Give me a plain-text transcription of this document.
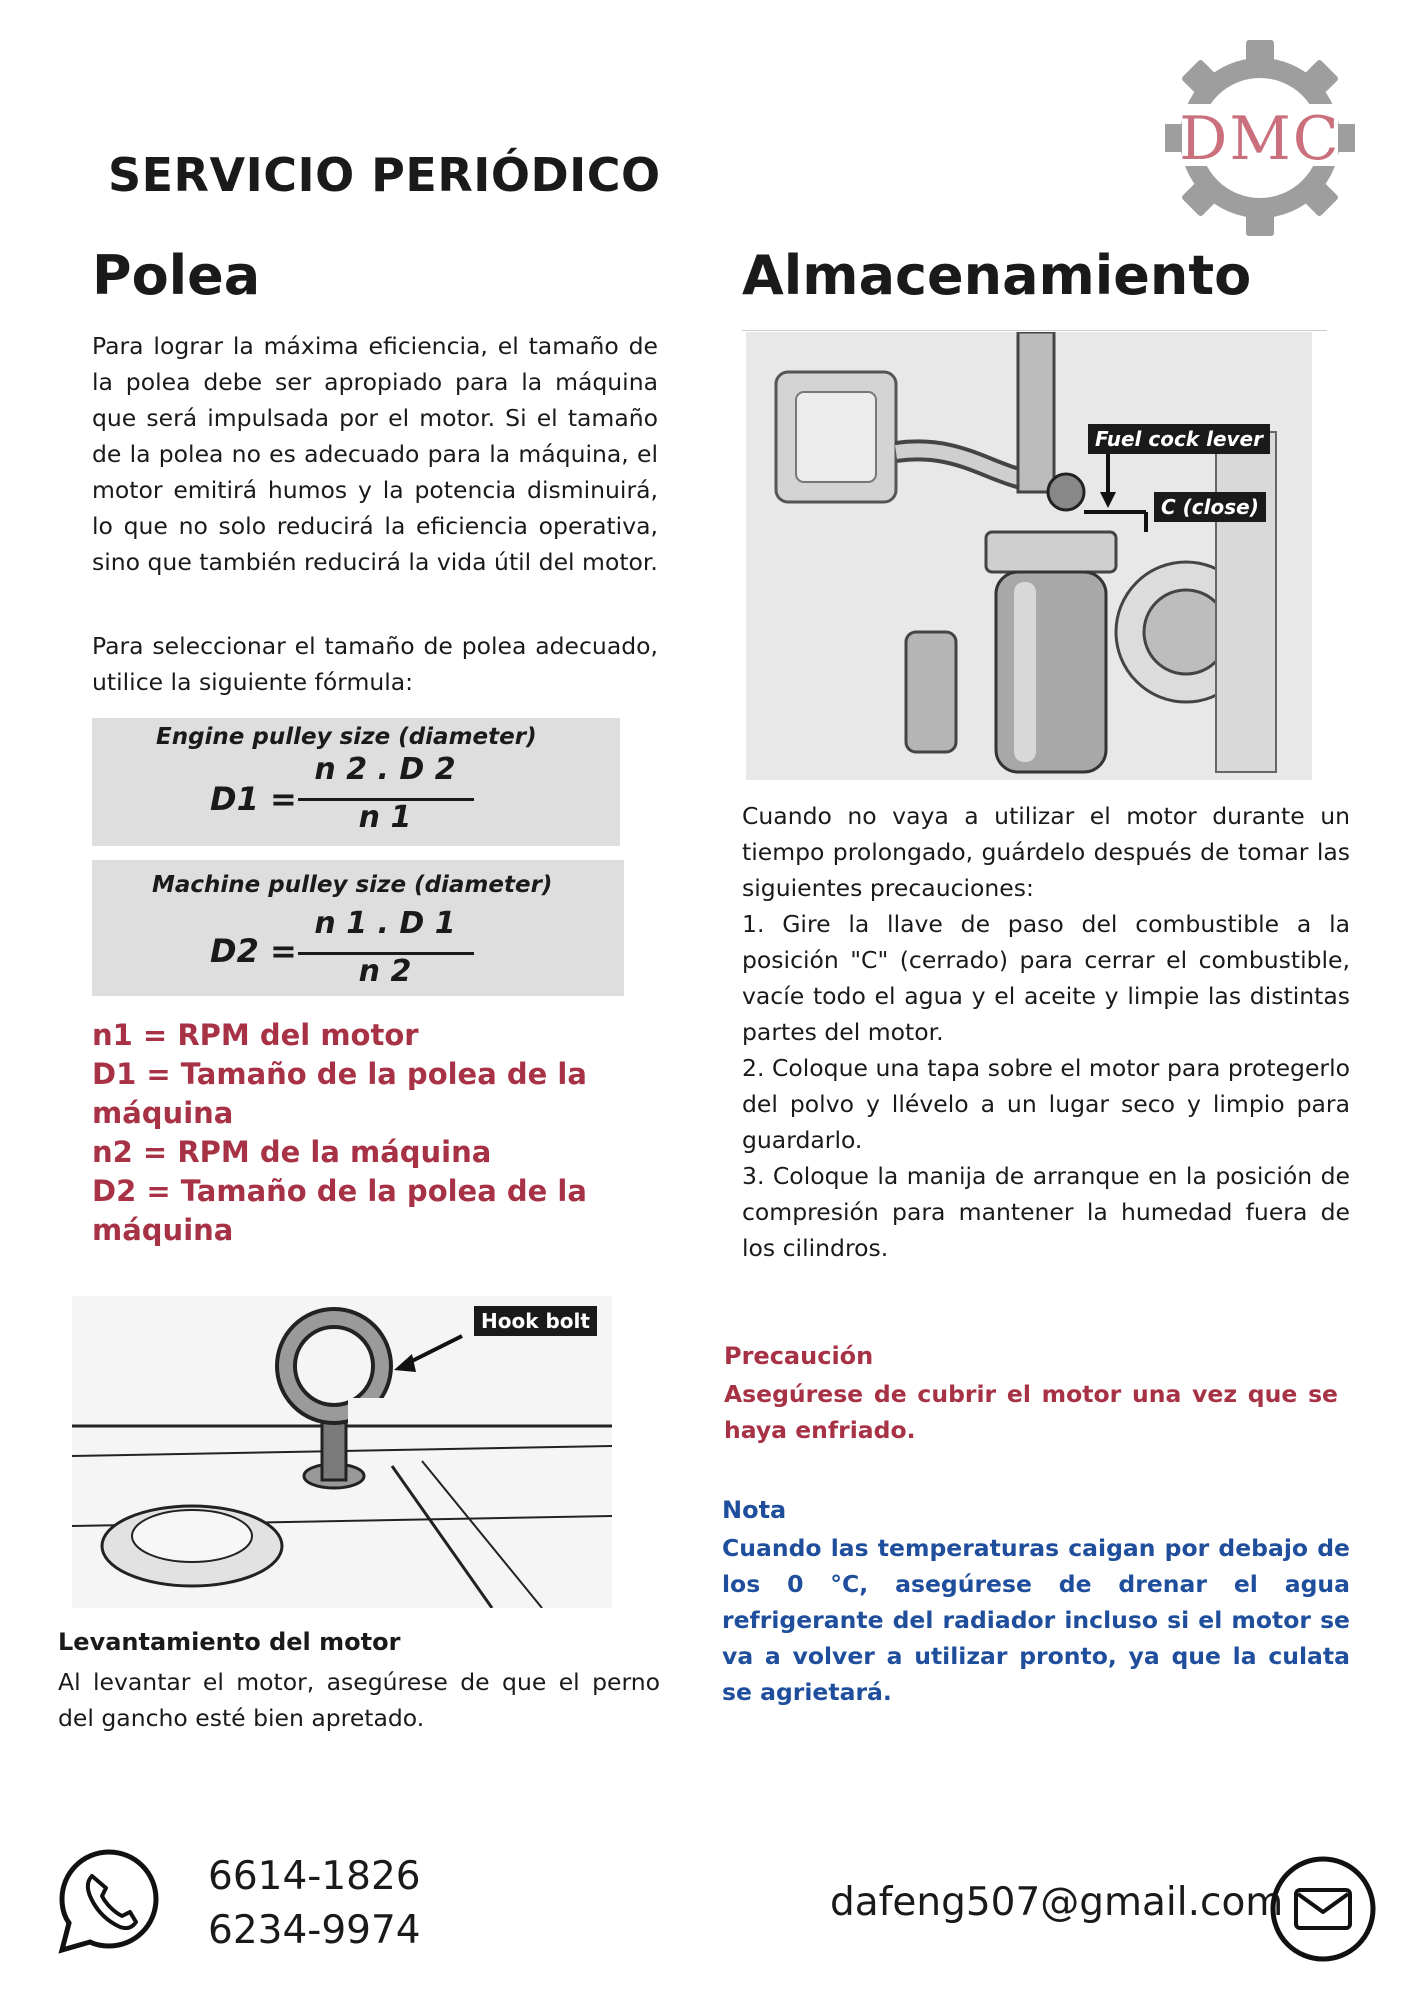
DMC
SERVICIO PERIÓDICO
Polea
Para lograr la máxima eficiencia, el tamaño de la polea debe ser apropiado para la máquina que será impulsada por el motor. Si el tamaño de la polea no es adecuado para la máquina, el motor emitirá humos y la potencia disminuirá, lo que no solo reducirá la eficiencia operativa, sino que también reducirá la vida útil del motor.
Para seleccionar el tamaño de polea adecuado, utilice la siguiente fórmula:
Engine pulley size (diameter)
D1 =
n 2 . D 2
n 1
Machine pulley size (diameter)
D2 =
n 1 . D 1
n 2
n1 = RPM del motor
D1 = Tamaño de la polea de la máquina
n2 = RPM de la máquina
D2 = Tamaño de la polea de la máquina
Almacenamiento
Fuel cock lever
C (close)
Cuando no vaya a utilizar el motor durante un tiempo prolongado, guárdelo después de tomar las siguientes precauciones:
1. Gire la llave de paso del combustible a la posición "C" (cerrado) para cerrar el combustible, vacíe todo el agua y el aceite y limpie las distintas partes del motor.
2. Coloque una tapa sobre el motor para protegerlo del polvo y llévelo a un lugar seco y limpio para guardarlo.
3. Coloque la manija de arranque en la posición de compresión para mantener la humedad fuera de los cilindros.
Hook bolt
Levantamiento del motor
Al levantar el motor, asegúrese de que el perno del gancho esté bien apretado.
Precaución
Asegúrese de cubrir el motor una vez que se haya enfriado.
Nota
Cuando las temperaturas caigan por debajo de los 0 °C, asegúrese de drenar el agua refrigerante del radiador incluso si el motor se va a volver a utilizar pronto, ya que la culata se agrietará.
6614-1826
6234-9974
dafeng507@gmail.com
